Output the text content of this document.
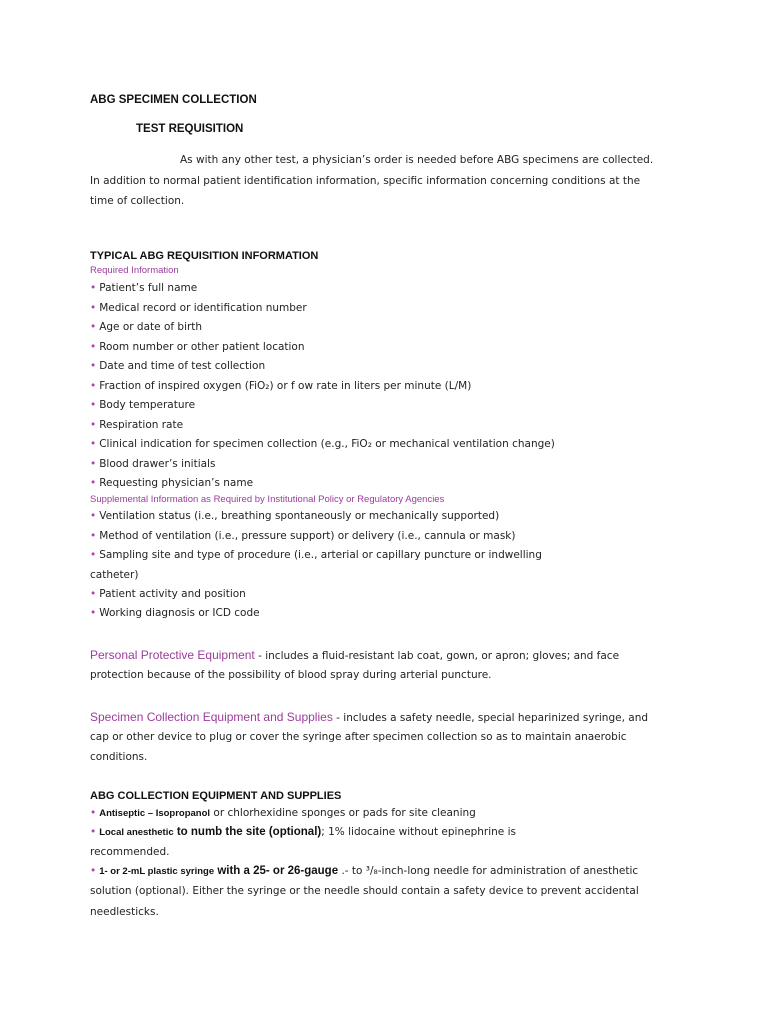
ABG SPECIMEN COLLECTION
TEST REQUISITION
As with any other test, a physician’s order is needed before ABG specimens are collected.
In addition to normal patient identification information, specific information concerning conditions at the
time of collection.
TYPICAL ABG REQUISITION INFORMATION
Required Information
• Patient’s full name
• Medical record or identification number
• Age or date of birth
• Room number or other patient location
• Date and time of test collection
• Fraction of inspired oxygen (FiO₂) or f ow rate in liters per minute (L/M)
• Body temperature
• Respiration rate
• Clinical indication for specimen collection (e.g., FiO₂ or mechanical ventilation change)
• Blood drawer’s initials
• Requesting physician’s name
Supplemental Information as Required by Institutional Policy or Regulatory Agencies
• Ventilation status (i.e., breathing spontaneously or mechanically supported)
• Method of ventilation (i.e., pressure support) or delivery (i.e., cannula or mask)
• Sampling site and type of procedure (i.e., arterial or capillary puncture or indwelling
• Patient activity and position
• Working diagnosis or ICD code
catheter)
Personal Protective Equipment - includes a fluid-resistant lab coat, gown, or apron; gloves; and face
protection because of the possibility of blood spray during arterial puncture.
Specimen Collection Equipment and Supplies - includes a safety needle, special heparinized syringe, and
cap or other device to plug or cover the syringe after specimen collection so as to maintain anaerobic
conditions.
ABG COLLECTION EQUIPMENT AND SUPPLIES
• Antiseptic – Isopropanol or chlorhexidine sponges or pads for site cleaning
• Local anesthetic to numb the site (optional); 1% lidocaine without epinephrine is
recommended.
• 1- or 2-mL plastic syringe with a 25- or 26-gauge .- to ³/₈-inch-long needle for administration of anesthetic
solution (optional). Either the syringe or the needle should contain a safety device to prevent accidental
needlesticks.
